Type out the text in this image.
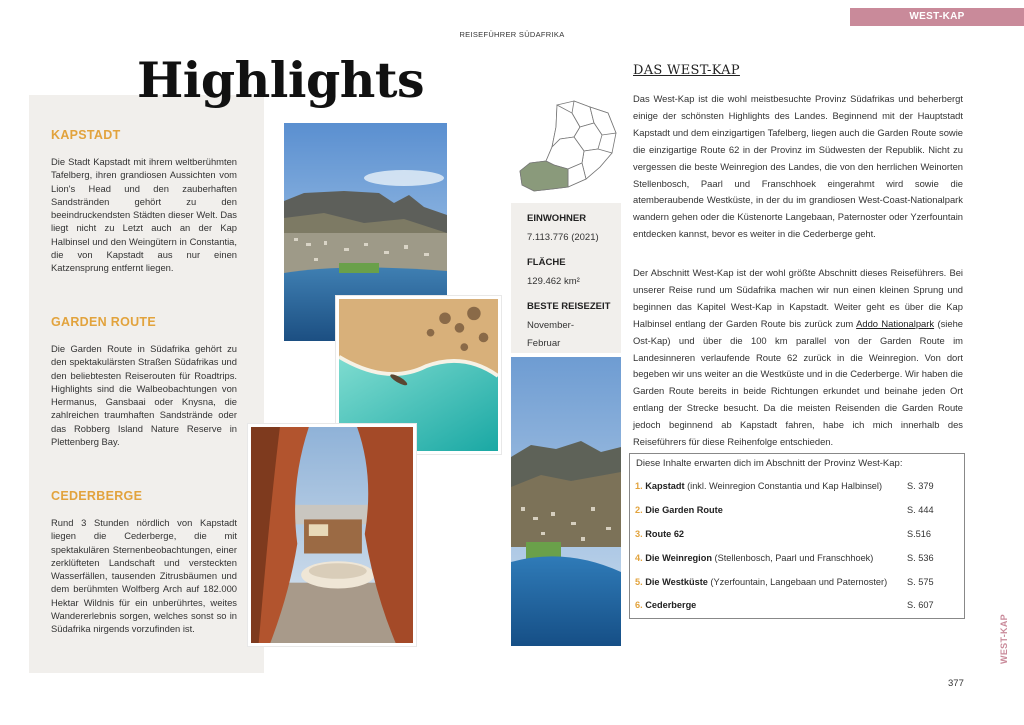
WEST-KAP
REISEFÜHRER SÜDAFRIKA
Highlights
KAPSTADT
Die Stadt Kapstadt mit ihrem weltberühmten Tafelberg, ihren grandiosen Aussichten vom Lion's Head und den zauberhaften Sandstränden gehört zu den beeindruckendsten Städten dieser Welt. Das liegt nicht zu Letzt auch an der Kap Halbinsel und den Weingütern in Constantia, die von Kapstadt aus nur einen Katzensprung entfernt liegen.
GARDEN ROUTE
Die Garden Route in Südafrika gehört zu den spektakulärsten Straßen Südafrikas und den beliebtesten Reiserouten für Roadtrips. Highlights sind die Walbeobachtungen von Hermanus, Gansbaai oder Knysna, die zahlreichen traumhaften Sandstrände oder das Robberg Island Nature Reserve in Plettenberg Bay.
CEDERBERGE
Rund 3 Stunden nördlich von Kapstadt liegen die Cederberge, die mit spektakulären Sternenbeobachtungen, einer zerklüfteten Landschaft und versteckten Wasserfällen, tausenden Zitrusbäumen und dem berühmten Wolfberg Arch auf 182.000 Hektar Wildnis für ein unberührtes, weites Wandererlebnis sorgen, welches sonst so in Südafrika nirgends vorzufinden ist.
EINWOHNER
7.113.776 (2021)
FLÄCHE
129.462 km²
BESTE REISEZEIT
November-Februar
DAS WEST-KAP
Das West-Kap ist die wohl meistbesuchte Provinz Südafrikas und beherbergt einige der schönsten Highlights des Landes. Beginnend mit der Hauptstadt Kapstadt und dem einzigartigen Tafelberg, liegen auch die Garden Route sowie die einzigartige Route 62 in der Provinz im Südwesten der Republik. Nicht zu vergessen die beste Weinregion des Landes, die von den herrlichen Weinorten Stellenbosch, Paarl und Franschhoek eingerahmt wird sowie die atemberaubende Westküste, in der du im grandiosen West-Coast-Nationalpark wandern gehen oder die Küstenorte Langebaan, Paternoster oder Yzerfountain entdecken kannst, bevor es weiter in die Cederberge geht.
Der Abschnitt West-Kap ist der wohl größte Abschnitt dieses Reiseführers. Bei unserer Reise rund um Südafrika machen wir nun einen kleinen Sprung und beginnen das Kapitel West-Kap in Kapstadt. Weiter geht es über die Kap Halbinsel entlang der Garden Route bis zurück zum Addo Nationalpark (siehe Ost-Kap) und über die 100 km parallel von der Garden Route im Landesinneren verlaufende Route 62 zurück in die Weinregion. Von dort begeben wir uns weiter an die Westküste und in die Cederberge. Wir haben die Garden Route bereits in beide Richtungen erkundet und beinahe jeden Ort entlang der Strecke besucht. Da die meisten Reisenden die Garden Route jedoch beginnend ab Kapstadt fahren, habe ich mich innerhalb des Reiseführers für diese Reihenfolge entschieden.
Diese Inhalte erwarten dich im Abschnitt der Provinz West-Kap:
1. Kapstadt (inkl. Weinregion Constantia und Kap Halbinsel)	S. 379
2. Die Garden Route	S. 444
3. Route 62	S.516
4. Die Weinregion (Stellenbosch, Paarl und Franschhoek)	S. 536
5. Die Westküste (Yzerfountain, Langebaan und Paternoster) S. 575
6. Cederberge	S. 607
WEST-KAP
377
